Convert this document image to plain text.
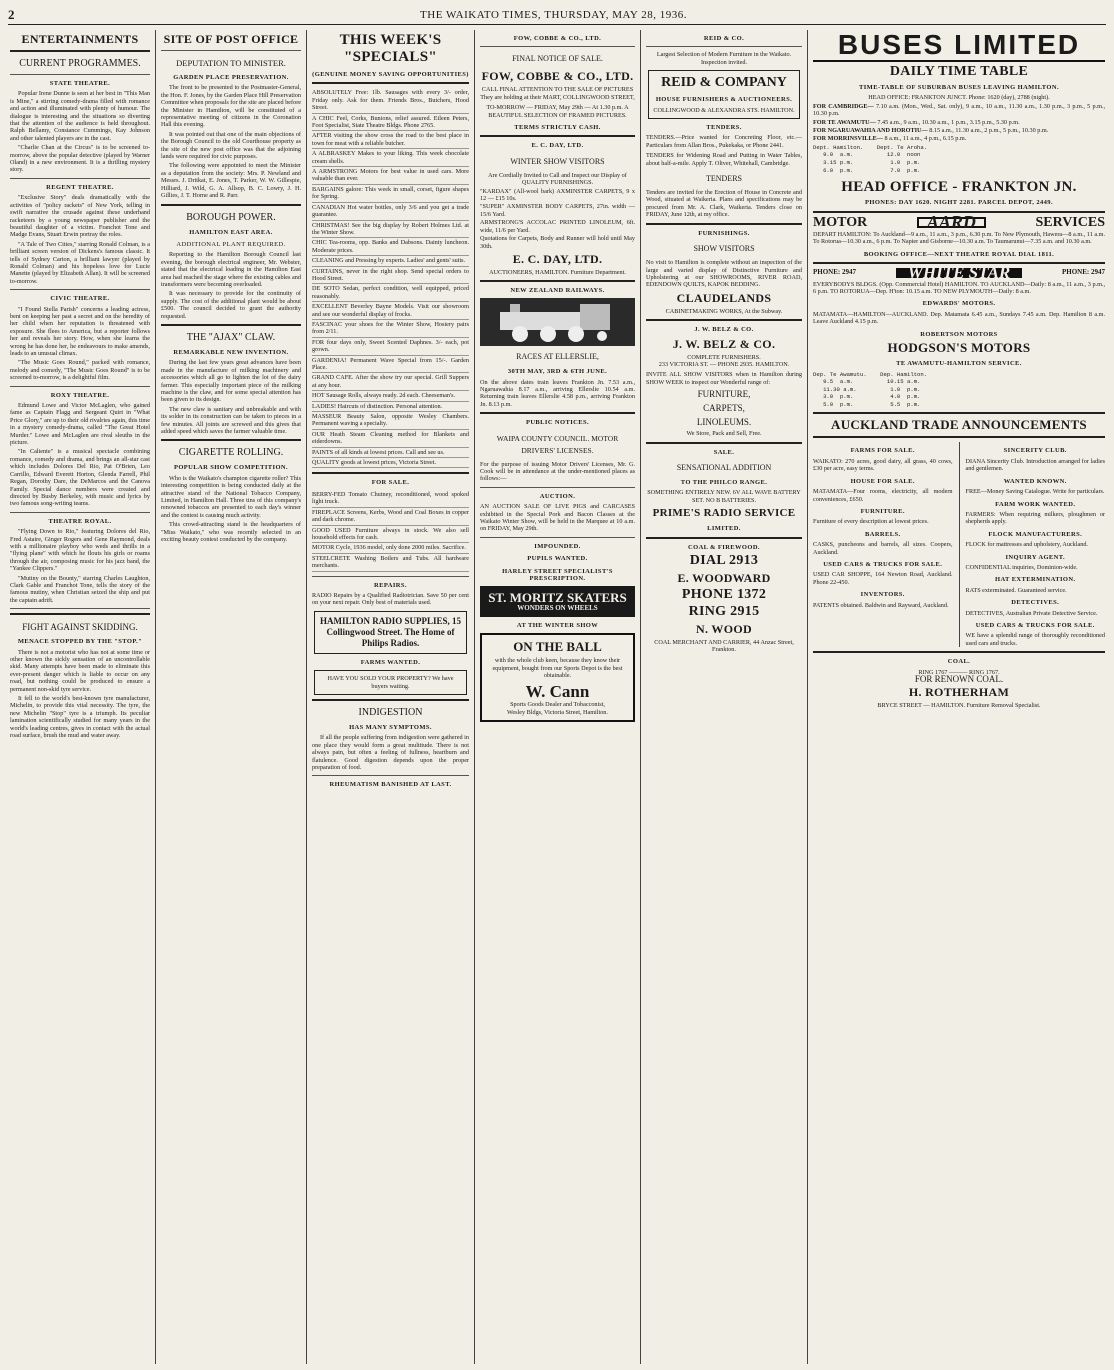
2	THE WAIKATO TIMES, THURSDAY, MAY 28, 1936.
ENTERTAINMENTS
CURRENT PROGRAMMES.
STATE THEATRE.

Popular Irene Dunne is seen at her best in "This Man is Mine," a stirring comedy-drama filled with romance and action and illuminated with plenty of humour. The dialogue is interesting and the situations so diverting that the attention of the audience is held throughout. Ralph Bellamy, Constance Cummings, Kay Johnson and other talented players are in the cast.

"Charlie Chan at the Circus" is to be screened to-morrow, above the popular detective (played by Warner Oland) in a new environment. It is a thrilling mystery story.

REGENT THEATRE.

"Exclusive Story" deals dramatically with the activities of "policy rackets" of New York, telling in swift narrative the crusade against these underhand racketeers by a young newspaper publisher and the beautiful daughter of a victim. Franchot Tone and Madge Evans, Stuart Erwin portray the roles.

"A Tale of Two Cities," starring Ronald Colman, is a brilliant screen version of Dickens's famous classic. It tells of Sydney Carton, a brilliant lawyer (played by Ronald Colman) and his hopeless love for Lucie Manette (played by Elizabeth Allan). It will be screened to-morrow.

CIVIC THEATRE.

"I Found Stella Parish" concerns a leading actress, bent on keeping her past a secret and on the heredity of her child when her reputation is threatened with exposure. She flees to America, but a reporter follows her and reveals her story. How, when she learns the wrong he has done her, he endeavours to make amends, leads to an unusual climax.

"The Music Goes Round," packed with romance, melody and comedy, "The Music Goes Round" is to be screened to-morrow, is a delightful film.

ROXY THEATRE.

Edmund Lowe and Victor McLaglen, who gained fame as Captain Flagg and Sergeant Quirt in "What Price Glory," are up to their old rivalries again, this time in a mystery comedy-drama, called "The Great Hotel Murder." Lowe and McLaglen are rival sleuths in the picture.

"In Caliente" is a musical spectacle combining romance, comedy and drama, and brings an all-star cast which includes Dolores Del Rio, Pat O'Brien, Leo Carrillo, Edward Everett Horton, Glenda Farrell, Phil Regan, Dorothy Dare, the DeMarcos and the Canova Family. Special dance numbers were created and directed by Busby Berkeley, with music and lyrics by two famous song-writing teams.

THEATRE ROYAL.

"Flying Down to Rio," featuring Dolores del Rio, Fred Astaire, Ginger Rogers and Gene Raymond, deals with a millionaire playboy who weds and thrills in a "flying plane" with which he flouts his girls or roams through the air, composing music for his jazz band, the "Yankee Clippers."

"Mutiny on the Bounty," starring Charles Laughton, Clark Gable and Franchot Tone, tells the story of the famous mutiny, when Christian seized the ship and put the captain adrift.

FIGHT AGAINST SKIDDING.
MENACE STOPPED BY THE "STOP."

There is not a motorist who has not at some time or other known the sickly sensation of an uncontrollable skid. Many attempts have been made to eliminate this ever-present danger which is liable to occur on any road, but nothing could be produced to ensure a permanent non-skid tyre service.

It fell to the world's best-known tyre manufacturer, Michelin, to provide this vital necessity. The tyre, the new Michelin "Stop" tyre is a triumph. Its peculiar lamination scientifically studied for many years in the world's leading centres, gives in contact with the actual road surface, brush the mud and water away.

SITE OF POST OFFICE
DEPUTATION TO MINISTER.
GARDEN PLACE PRESERVATION.

The front to be presented to the Postmaster-General, the Hon. F. Jones, by the Garden Place Hill Preservation Committee when proposals for the site are placed before the Minister in Hamilton, will be constituted of a representative meeting of citizens in the Coronation Hall this evening.

It was pointed out that one of the main objections of the Borough Council to the old Courthouse property as the site of the new post office was that the adjoining lands were required for civic purposes.

The following were appointed to meet the Minister as a deputation from the society: Mrs. P. Newland and Messrs. J. Dritkat, E. Jones, T. Parker, W. W. Gillespie, Hilliard, J. Wild, G. A. Allsop, B. C. Lowry, J. H. Gillies, J. T. Horne and R. Parr.

BOROUGH POWER.
HAMILTON EAST AREA.
ADDITIONAL PLANT REQUIRED.

Reporting to the Hamilton Borough Council last evening, the borough electrical engineer, Mr. Webster, stated that the electrical loading in the Hamilton East area had reached the stage where the existing cables and transformers were becoming overloaded.

It was necessary to provide for the continuity of supply. The cost of the additional plant would be about £500. The council decided to grant the authority requested.

THE "AJAX" CLAW.
REMARKABLE NEW INVENTION.

During the last few years great advances have been made in the manufacture of milking machinery and accessories which all go to lighten the lot of the dairy farmer. This especially important piece of the milking machine is the claw, and for some special attention has been given to its design.

The new claw is sanitary and unbreakable and with its solder in its construction can be taken to pieces in a few minutes. All joints are screwed and this gives that added speed which saves the farmer valuable time.

CIGARETTE ROLLING.
POPULAR SHOW COMPETITION.

Who is the Waikato's champion cigarette roller? This interesting competition is being conducted daily at the attractive stand of the National Tobacco Company, Limited, in Hamilton Hall. Three tins of this company's renowned tobaccos are presented to each day's winner and the contest is causing much activity.

This crowd-attracting stand is the headquarters of "Miss Waikato," who was recently selected in an exciting beauty contest conducted by the company.

THIS WEEK'S "SPECIALS"
(GENUINE MONEY SAVING OPPORTUNITIES)
ABSOLUTELY Free: 1lb. Sausages with every 3/- order, Friday only. Ask for them. Friends Bros., Butchers, Hood Street.
A CHIC Feel, Corks, Bunions, relief assured. Eileen Peters, Foot Specialist, State Theatre Bldgs. Phone 2765.
AFTER visiting the show cross the road to the best place in town for meat with a reliable butcher.
A ALBRASKEY Makes to your liking. This week chocolate cream shells.
A ARMSTRONG Motors for best value in used cars. More valuable than ever.
BARGAINS galore: This week in small, corset, figure shapes for Spring.
CANADIAN Hot water bottles, only 3/6 and you get a trade guarantee.
CHRISTMAS! See the big display by Robert Holmes Ltd. at the Winter Show.
CHIC Tea-rooms, opp. Banks and Dabsons. Dainty luncheon. Moderate prices.
CLEANING and Pressing by experts. Ladies' and gents' suits.
CURTAINS, never in the right shop. Send special orders to Hood Street.
DE SOTO Sedan, perfect condition, well equipped, priced reasonably.
EXCELLENT Beverley Bayne Models. Visit our showroom and see our wonderful display of frocks.
FASCINAC your shoes for the Winter Show, Hosiery pairs from 2/11.
FOR four days only, Sweet Scented Daphnes. 3/- each, pot grown.
GARDENIA! Permanent Wave Special from 15/-. Garden Place.
GRAND CAFE. After the show try our special. Grill Suppers at any hour.
HOT Sausage Rolls, always ready. 2d each. Cheeseman's.
LADIES! Haircuts of distinction. Personal attention.
MASSEUR Beauty Salon, opposite Wesley Chambers. Permanent waving a specialty.
OUR Heath Steam Cleaning method for Blankets and eiderdowns.
PAINTS of all kinds at lowest prices. Call and see us.
QUALITY goods at lowest prices, Victoria Street.
FOR SALE.
BERRY-FED Tomato Chutney, reconditioned, wood spoked light truck.
FIREPLACE Screens, Kerbs, Wood and Coal Boxes in copper and dark chrome.
GOOD USED Furniture always in stock. We also sell household effects for cash.
MOTOR Cycle, 1936 model, only done 2000 miles. Sacrifice.
STEELCRETE Washing Boilers and Tubs. All hardware merchants.
REPAIRS.
RADIO Repairs by a Qualified Radiotrician. Save 50 per cent on your next repair. Only best of materials used.
HAMILTON RADIO SUPPLIES, 15 Collingwood Street. The Home of Philips Radios.
FARMS WANTED.
HAVE YOU SOLD YOUR PROPERTY? We have buyers waiting.
INDIGESTION
HAS MANY SYMPTOMS.

If all the people suffering from indigestion were gathered in one place they would form a great multitude. There is not always pain, but often a feeling of fullness, heartburn and flatulence. Good digestion depends upon the proper preparation of food.

RHEUMATISM BANISHED AT LAST.
FOW, COBBE & CO., LTD.
FINAL NOTICE OF SALE.
FOW, COBBE & CO., LTD.
CALL FINAL ATTENTION TO THE SALE OF PICTURES They are holding at their MART, COLLINGWOOD STREET,
TO-MORROW — FRIDAY, May 29th — At 1.30 p.m. A BEAUTIFUL SELECTION OF FRAMED PICTURES.
TERMS STRICTLY CASH.
E. C. DAY, LTD.
WINTER SHOW VISITORS
Are Cordially Invited to Call and Inspect our Display of QUALITY FURNISHINGS.
"KARDAX" (All-wool bark) AXMINSTER CARPETS, 9 x 12 — £15 10s.
"SUPER" AXMINSTER BODY CARPETS, 27in. width — 15/6 Yard.
ARMSTRONG'S ACCOLAC PRINTED LINOLEUM, 6ft. wide, 11/6 per Yard.
Quotations for Carpets, Body and Runner will hold until May 30th.
E. C. DAY, LTD.
AUCTIONEERS, HAMILTON. Furniture Department.
NEW ZEALAND RAILWAYS.
RACES AT ELLERSLIE,
30TH MAY, 3RD & 6TH JUNE.
On the above dates train leaves Frankton Jn. 7.53 a.m., Ngaruawahia 8.17 a.m., arriving Ellerslie 10.54 a.m. Returning train leaves Ellerslie 4.58 p.m., arriving Frankton Jn. 8.13 p.m.
PUBLIC NOTICES.
WAIPA COUNTY COUNCIL. MOTOR DRIVERS' LICENSES.
For the purpose of issuing Motor Drivers' Licenses, Mr. G. Cook will be in attendance at the under-mentioned places as follows:—
AUCTION.
AN AUCTION SALE OF LIVE PIGS and CARCASES exhibited in the Special Pork and Bacon Classes at the Waikato Winter Show, will be held in the Marquee at 10 a.m. on FRIDAY, May 29th.
IMPOUNDED.
PUPILS WANTED.
HARLEY STREET SPECIALIST'S PRESCRIPTION.
ST. MORITZ SKATERS
WONDERS ON WHEELS
AT THE WINTER SHOW
ON THE BALL
with the whole club keen, because they know their equipment, bought from our Sports Depot is the best obtainable.
W. Cann
Sports Goods Dealer and Tobacconist,
Wesley Bldgs, Victoria Street, Hamilton.
REID & CO.
Largest Selection of Modern Furniture in the Waikato. Inspection invited.
REID & COMPANY
HOUSE FURNISHERS & AUCTIONEERS.
COLLINGWOOD & ALEXANDRA STS. HAMILTON.
TENDERS.
TENDERS.—Price wanted for Concreting Floor, etc.—Particulars from Allan Bros., Pukekaka, or Phone 2441.
TENDERS for Widening Road and Putting in Water Tables, about half-a-mile. Apply T. Oliver, Whitehall, Cambridge.
TENDERS
Tenders are invited for the Erection of House in Concrete and Wood, situated at Waikeria. Plans and specifications may be procured from Mr. A. Clark, Waikeria. Tenders close on FRIDAY, June 12th, at my office.
FURNISHINGS.
SHOW VISITORS
No visit to Hamilton is complete without an inspection of the large and varied display of Distinctive Furniture and Upholstering at our SHOWROOMS, RIVER ROAD, EDENDOWN QUILTS, KAPOK BEDDING.
CLAUDELANDS
CABINETMAKING WORKS, At the Subway.
J. W. BELZ & CO.
J. W. BELZ & CO.
COMPLETE FURNISHERS.
233 VICTORIA ST. — PHONE 2935. HAMILTON.
INVITE ALL SHOW VISITORS when in Hamilton during SHOW WEEK to inspect our Wonderful range of:
FURNITURE,
CARPETS,
LINOLEUMS.
We Store, Pack and Sell, Free.
SALE.
SENSATIONAL ADDITION
TO THE PHILCO RANGE.
SOMETHING ENTIRELY NEW. 6V ALL WAVE BATTERY SET. NO B BATTERIES.
PRIME'S RADIO SERVICE
LIMITED.
COAL & FIREWOOD.
DIAL 2913
E. WOODWARD
PHONE 1372
RING 2915
N. WOOD
COAL MERCHANT AND CARRIER, 44 Anzac Street, Frankton.
BUSES LIMITED
DAILY TIME TABLE
TIME-TABLE OF SUBURBAN BUSES LEAVING HAMILTON.
HEAD OFFICE: FRANKTON JUNCT. Phone: 1620 (day), 2788 (night).
FOR CAMBRIDGE— 7.10 a.m. (Mon., Wed., Sat. only), 9 a.m., 10 a.m., 11.30 a.m., 1.30 p.m., 3 p.m., 5 p.m., 10.30 p.m.
FOR TE AWAMUTU— 7.45 a.m., 9 a.m., 10.30 a.m., 1 p.m., 3.15 p.m., 5.30 p.m.
FOR NGARUAWAHIA AND HOROTIU— 8.15 a.m., 11.30 a.m., 2 p.m., 5 p.m., 10.30 p.m.
FOR MORRINSVILLE— 8 a.m., 11 a.m., 4 p.m., 6.15 p.m.
Dept. Hamilton.    Dept. Te Aroha.
9.0  a.m.          12.0  noon
3.15 p.m.           1.0  p.m.
6.0  p.m.           7.0  p.m.
HEAD OFFICE - FRANKTON JN.
PHONES: DAY 1620. NIGHT 2281. PARCEL DEPOT, 2449.
MOTOR	AARD	SERVICES
DEPART HAMILTON: To Auckland—9 a.m., 11 a.m., 3 p.m., 6.30 p.m. To New Plymouth, Hawera—8 a.m., 11 a.m. To Rotorua—10.30 a.m., 6 p.m. To Napier and Gisborne—10.30 a.m. To Taumarunui—7.35 a.m. and 10.30 a.m.
BOOKING OFFICE—NEXT THEATRE ROYAL DIAL 1811.
PHONE: 2947	WHITE STAR	PHONE: 2947
EVERYBODYS BLDGS. (Opp. Commercial Hotel) HAMILTON. TO AUCKLAND—Daily: 8 a.m., 11 a.m., 3 p.m., 6 p.m. TO ROTORUA—Dep. H'ton: 10.15 a.m. TO NEW PLYMOUTH—Daily: 8 a.m.
EDWARDS' MOTORS.
MATAMATA—HAMILTON—AUCKLAND. Dep. Matamata 6.45 a.m., Sundays 7.45 a.m. Dep. Hamilton 8 a.m. Leave Auckland 4.15 p.m.
ROBERTSON MOTORS
HODGSON'S MOTORS
TE AWAMUTU-HAMILTON SERVICE.
Dep. Te Awamutu.    Dep. Hamilton.
9.5  a.m.          10.15 a.m.
11.30 a.m.          1.0  p.m.
3.0  p.m.           4.0  p.m.
5.0  p.m.           5.5  p.m.
AUCKLAND TRADE ANNOUNCEMENTS
FARMS FOR SALE.
WAIKATO: 270 acres, good dairy, all grass, 40 cows, £30 per acre, easy terms.
HOUSE FOR SALE.
MATAMATA—Four rooms, electricity, all modern conveniences, £650.
FURNITURE.
Furniture of every description at lowest prices.
BARRELS.
CASKS, puncheons and barrels, all sizes. Coopers, Auckland.
USED CARS & TRUCKS FOR SALE.
USED CAR SHOPPE, 164 Newton Road, Auckland. Phone 22-450.
INVENTORS.
PATENTS obtained. Baldwin and Rayward, Auckland.
SINCERITY CLUB.
DIANA Sincerity Club. Introduction arranged for ladies and gentlemen.
WANTED KNOWN.
FREE—Money Saving Catalogue. Write for particulars.
FARM WORK WANTED.
FARMERS: When requiring milkers, ploughmen or shepherds apply.
FLOCK MANUFACTURERS.
FLOCK for mattresses and upholstery, Auckland.
INQUIRY AGENT.
CONFIDENTIAL inquiries, Dominion-wide.
HAT EXTERMINATION.
RATS exterminated. Guaranteed service.
DETECTIVES.
DETECTIVES, Australian Private Detective Service.
USED CARS & TRUCKS FOR SALE.
WE have a splendid range of thoroughly reconditioned used cars and trucks.
COAL.
RING 1767 ——— RING 1767.
FOR RENOWN COAL.
H. ROTHERHAM
BRYCE STREET — HAMILTON. Furniture Removal Specialist.
